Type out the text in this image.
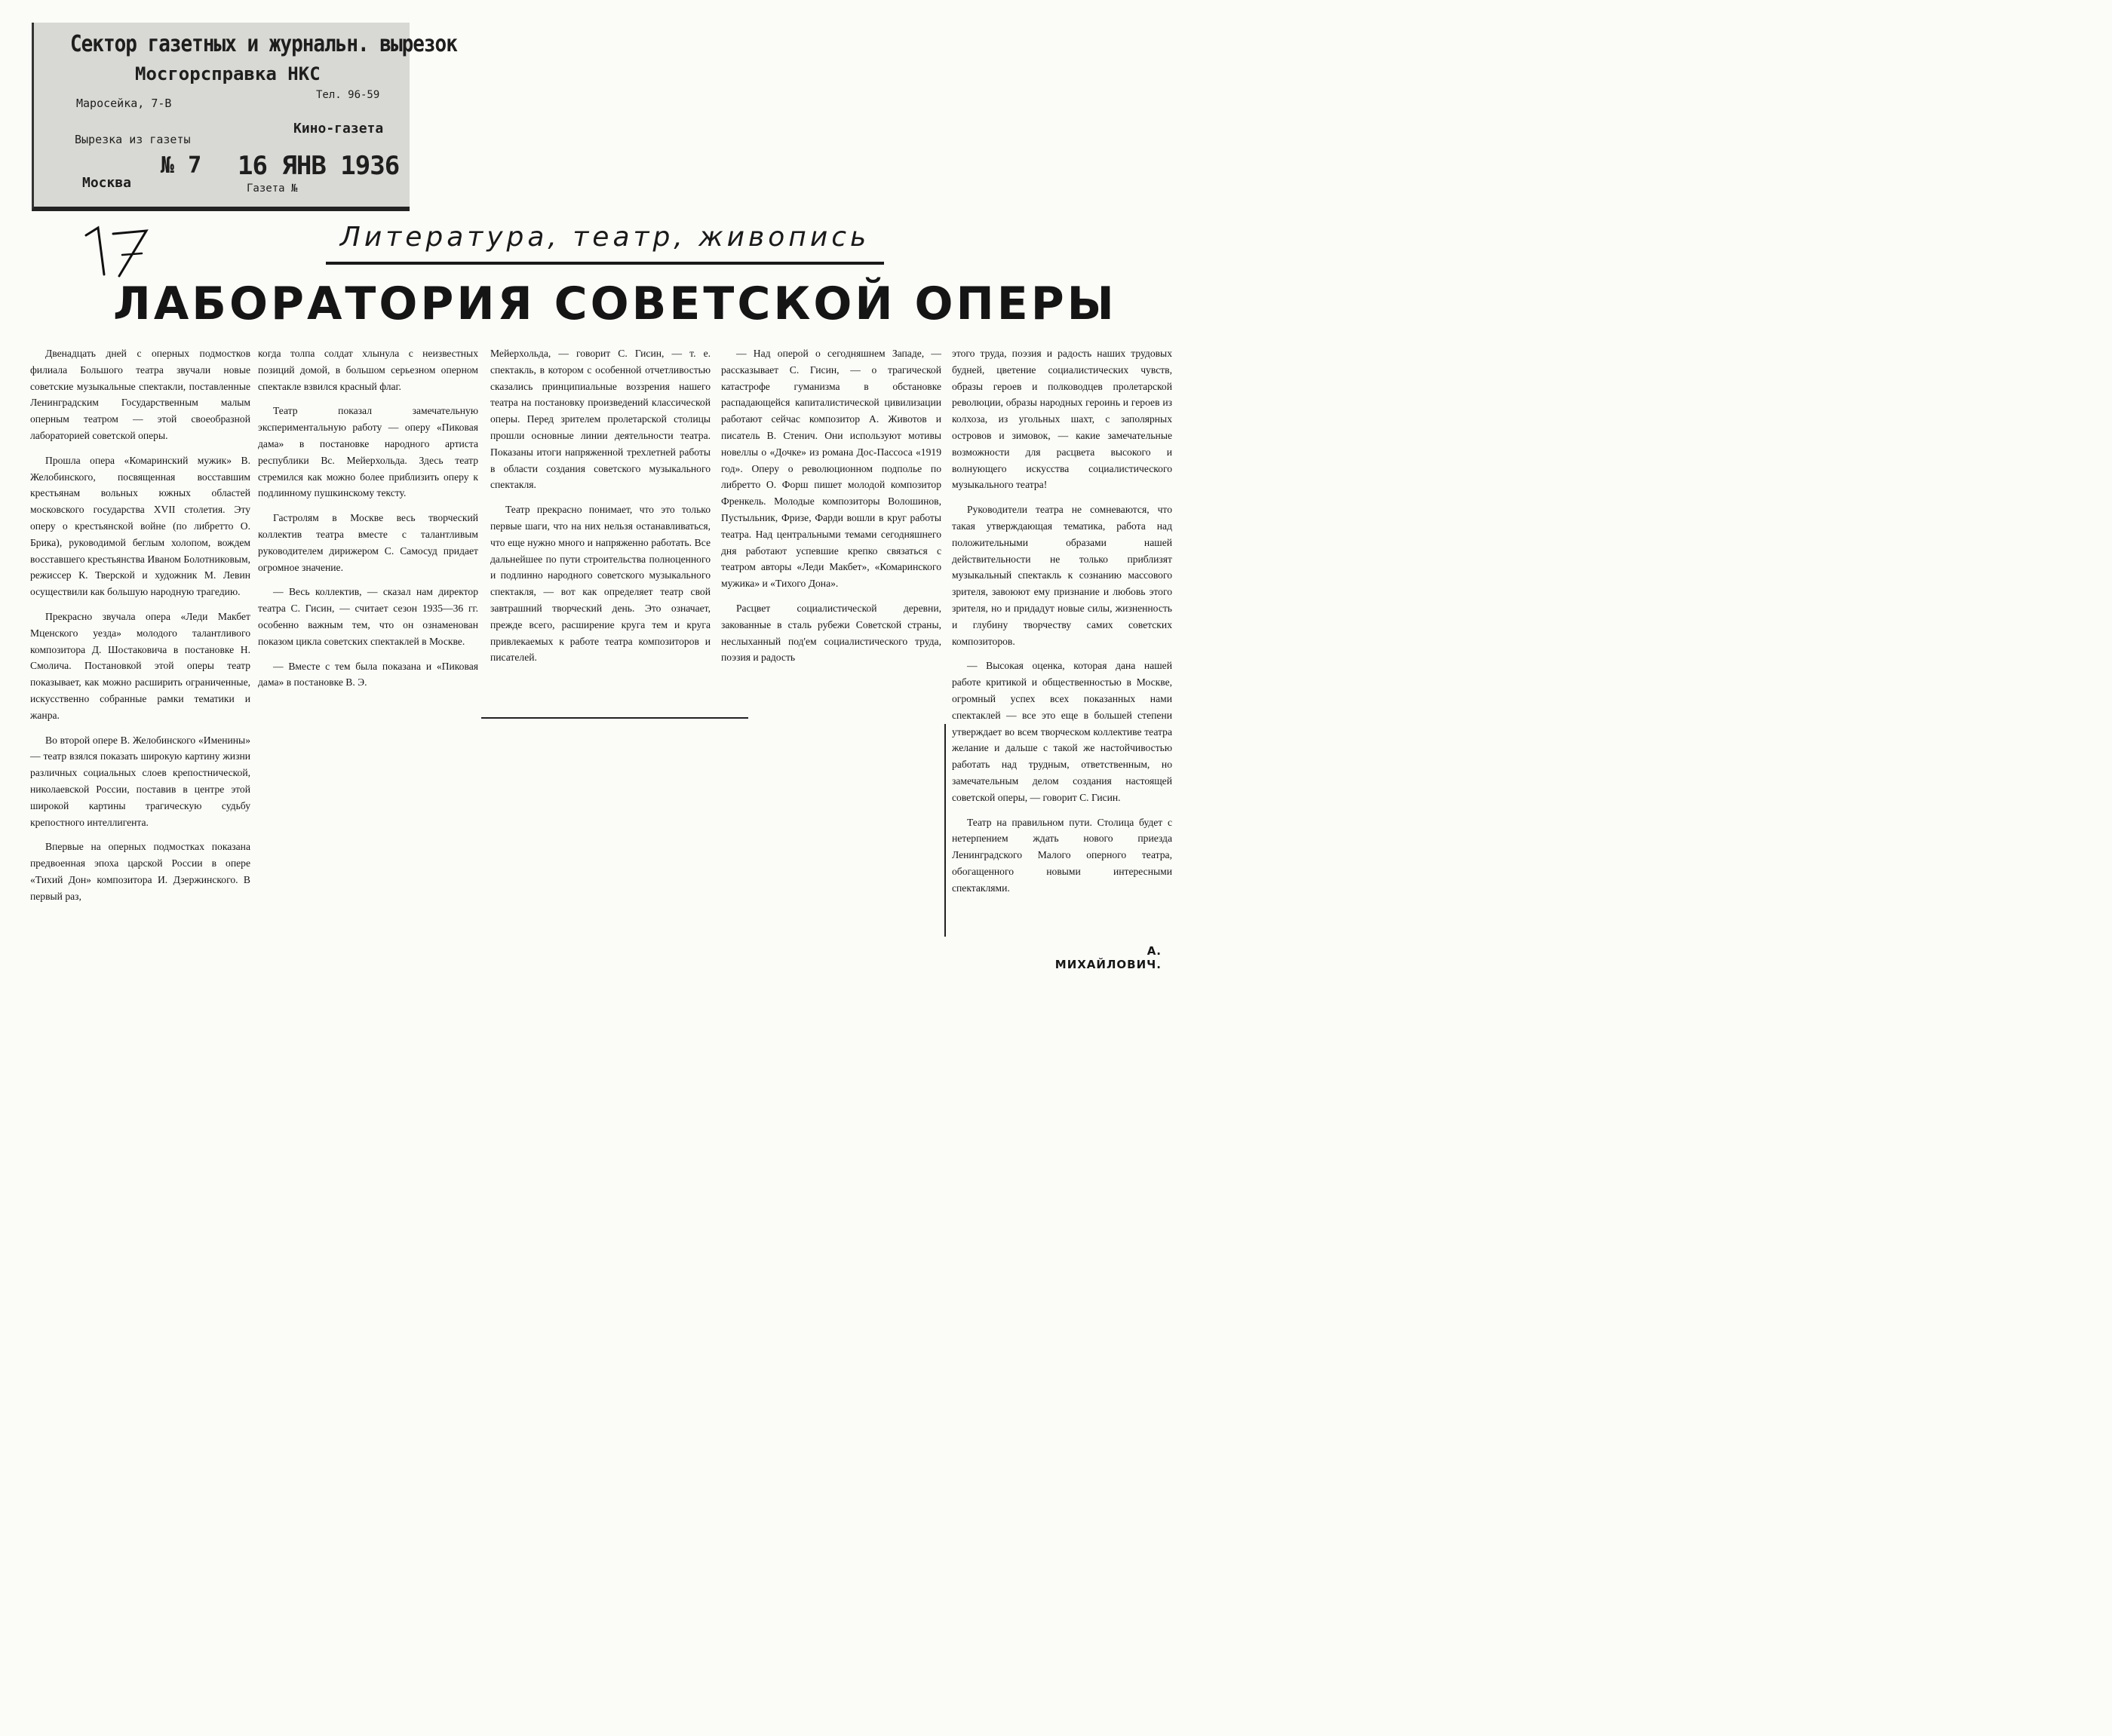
Сектор газетных и журнальн. вырезок
Мосгорсправка НКС
Маросейка, 7-В
Тел. 96-59
Вырезка из газеты
Кино-газета
№ 7 16 ЯНВ 1936
Москва	Газета №
Литература, театр, живопись
ЛАБОРАТОРИЯ СОВЕТСКОЙ ОПЕРЫ

Двенадцать дней с оперных подмостков филиала Большого театра звучали новые советские музыкальные спектакли, поставленные Ленинградским Государственным малым оперным театром — этой своеобразной лабораторией советской оперы.

Прошла опера «Комаринский мужик» В. Желобинского, посвященная восставшим крестьянам вольных южных областей московского государства XVII столетия. Эту оперу о крестьянской войне (по либретто О. Брика), руководимой беглым холопом, вождем восставшего крестьянства Иваном Болотниковым, режиссер К. Тверской и художник М. Левин осуществили как большую народную трагедию.

Прекрасно звучала опера «Леди Макбет Мценского уезда» молодого талантливого композитора Д. Шостаковича в постановке Н. Смолича. Постановкой этой оперы театр показывает, как можно расширить ограниченные, искусственно собранные рамки тематики и жанра.

Во второй опере В. Желобинского «Именины» — театр взялся показать широкую картину жизни различных социальных слоев крепостнической, николаевской России, поставив в центре этой широкой картины трагическую судьбу крепостного интеллигента.

Впервые на оперных подмостках показана предвоенная эпоха царской России в опере «Тихий Дон» композитора И. Дзержинского. В первый раз,

когда толпа солдат хлынула с неизвестных позиций домой, в большом серьезном оперном спектакле взвился красный флаг.

Театр показал замечательную экспериментальную работу — оперу «Пиковая дама» в постановке народного артиста республики Вс. Мейерхольда. Здесь театр стремился как можно более приблизить оперу к подлинному пушкинскому тексту.

Гастролям в Москве весь творческий коллектив театра вместе с талантливым руководителем дирижером С. Самосуд придает огромное значение.

— Весь коллектив, — сказал нам директор театра С. Гисин, — считает сезон 1935—36 гг. особенно важным тем, что он ознаменован показом цикла советских спектаклей в Москве.

— Вместе с тем была показана и «Пиковая дама» в постановке В. Э.

Мейерхольда, — говорит С. Гисин, — т. е. спектакль, в котором с особенной отчетливостью сказались принципиальные воззрения нашего театра на постановку произведений классической оперы. Перед зрителем пролетарской столицы прошли основные линии деятельности театра. Показаны итоги напряженной трехлетней работы в области создания советского музыкального спектакля.

Театр прекрасно понимает, что это только первые шаги, что на них нельзя останавливаться, что еще нужно много и напряженно работать. Все дальнейшее по пути строительства полноценного и подлинно народного советского музыкального спектакля, — вот как определяет театр свой завтрашний творческий день. Это означает, прежде всего, расширение круга тем и круга привлекаемых к работе театра композиторов и писателей.

— Над оперой о сегодняшнем Западе, — рассказывает С. Гисин, — о трагической катастрофе гуманизма в обстановке распадающейся капиталистической цивилизации работают сейчас композитор А. Животов и писатель В. Стенич. Они используют мотивы новеллы о «Дочке» из романа Дос-Пассоса «1919 год». Оперу о революционном подполье по либретто О. Форш пишет молодой композитор Френкель. Молодые композиторы Волошинов, Пустыльник, Фризе, Фарди вошли в круг работы театра. Над центральными темами сегодняшнего дня работают успевшие крепко связаться с театром авторы «Леди Макбет», «Комаринского мужика» и «Тихого Дона».

Расцвет социалистической деревни, закованные в сталь рубежи Советской страны, неслыханный под'ем социалистического труда, поэзия и радость

этого труда, поэзия и радость наших трудовых будней, цветение социалистических чувств, образы героев и полководцев пролетарской революции, образы народных героинь и героев из колхоза, из угольных шахт, с заполярных островов и зимовок, — какие замечательные возможности для расцвета высокого и волнующего искусства социалистического музыкального театра!

Руководители театра не сомневаются, что такая утверждающая тематика, работа над положительными образами нашей действительности не только приблизят музыкальный спектакль к сознанию массового зрителя, завоюют ему признание и любовь этого зрителя, но и придадут новые силы, жизненность и глубину творчеству самих советских композиторов.

— Высокая оценка, которая дана нашей работе критикой и общественностью в Москве, огромный успех всех показанных нами спектаклей — все это еще в большей степени утверждает во всем творческом коллективе театра желание и дальше с такой же настойчивостью работать над трудным, ответственным, но замечательным делом создания настоящей советской оперы, — говорит С. Гисин.

Театр на правильном пути. Столица будет с нетерпением ждать нового приезда Ленинградского Малого оперного театра, обогащенного новыми интересными спектаклями.

А. МИХАЙЛОВИЧ.
